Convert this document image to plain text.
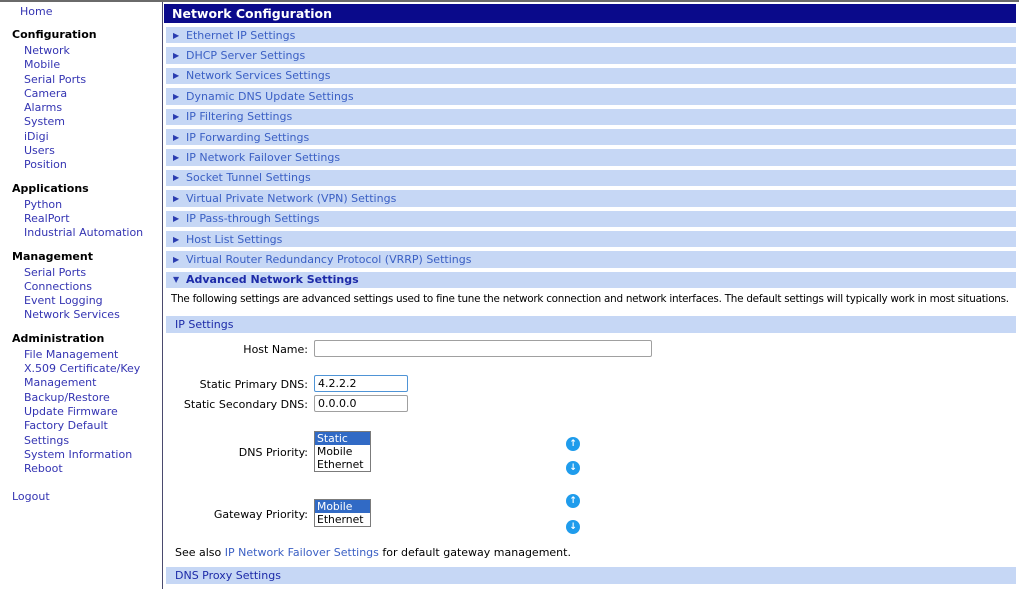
Home
Configuration
Network
Mobile
Serial Ports
Camera
Alarms
System
iDigi
Users
Position
Applications
Python
RealPort
Industrial Automation
Management
Serial Ports
Connections
Event Logging
Network Services
Administration
File Management
X.509 Certificate/Key Management
Backup/Restore
Update Firmware
Factory Default Settings
System Information
Reboot
Logout
Network Configuration
▶ Ethernet IP Settings
▶ DHCP Server Settings
▶ Network Services Settings
▶ Dynamic DNS Update Settings
▶ IP Filtering Settings
▶ IP Forwarding Settings
▶ IP Network Failover Settings
▶ Socket Tunnel Settings
▶ Virtual Private Network (VPN) Settings
▶ IP Pass-through Settings
▶ Host List Settings
▶ Virtual Router Redundancy Protocol (VRRP) Settings
▼ Advanced Network Settings
The following settings are advanced settings used to fine tune the network connection and network interfaces. The default settings will typically work in most situations.
IP Settings
Host Name:
Static Primary DNS:
4.2.2.2
Static Secondary DNS:
0.0.0.0
DNS Priority:
Static
Mobile
Ethernet
↑
↓
Gateway Priority:
Mobile
Ethernet
↑
↓
See also IP Network Failover Settings for default gateway management.
DNS Proxy Settings
